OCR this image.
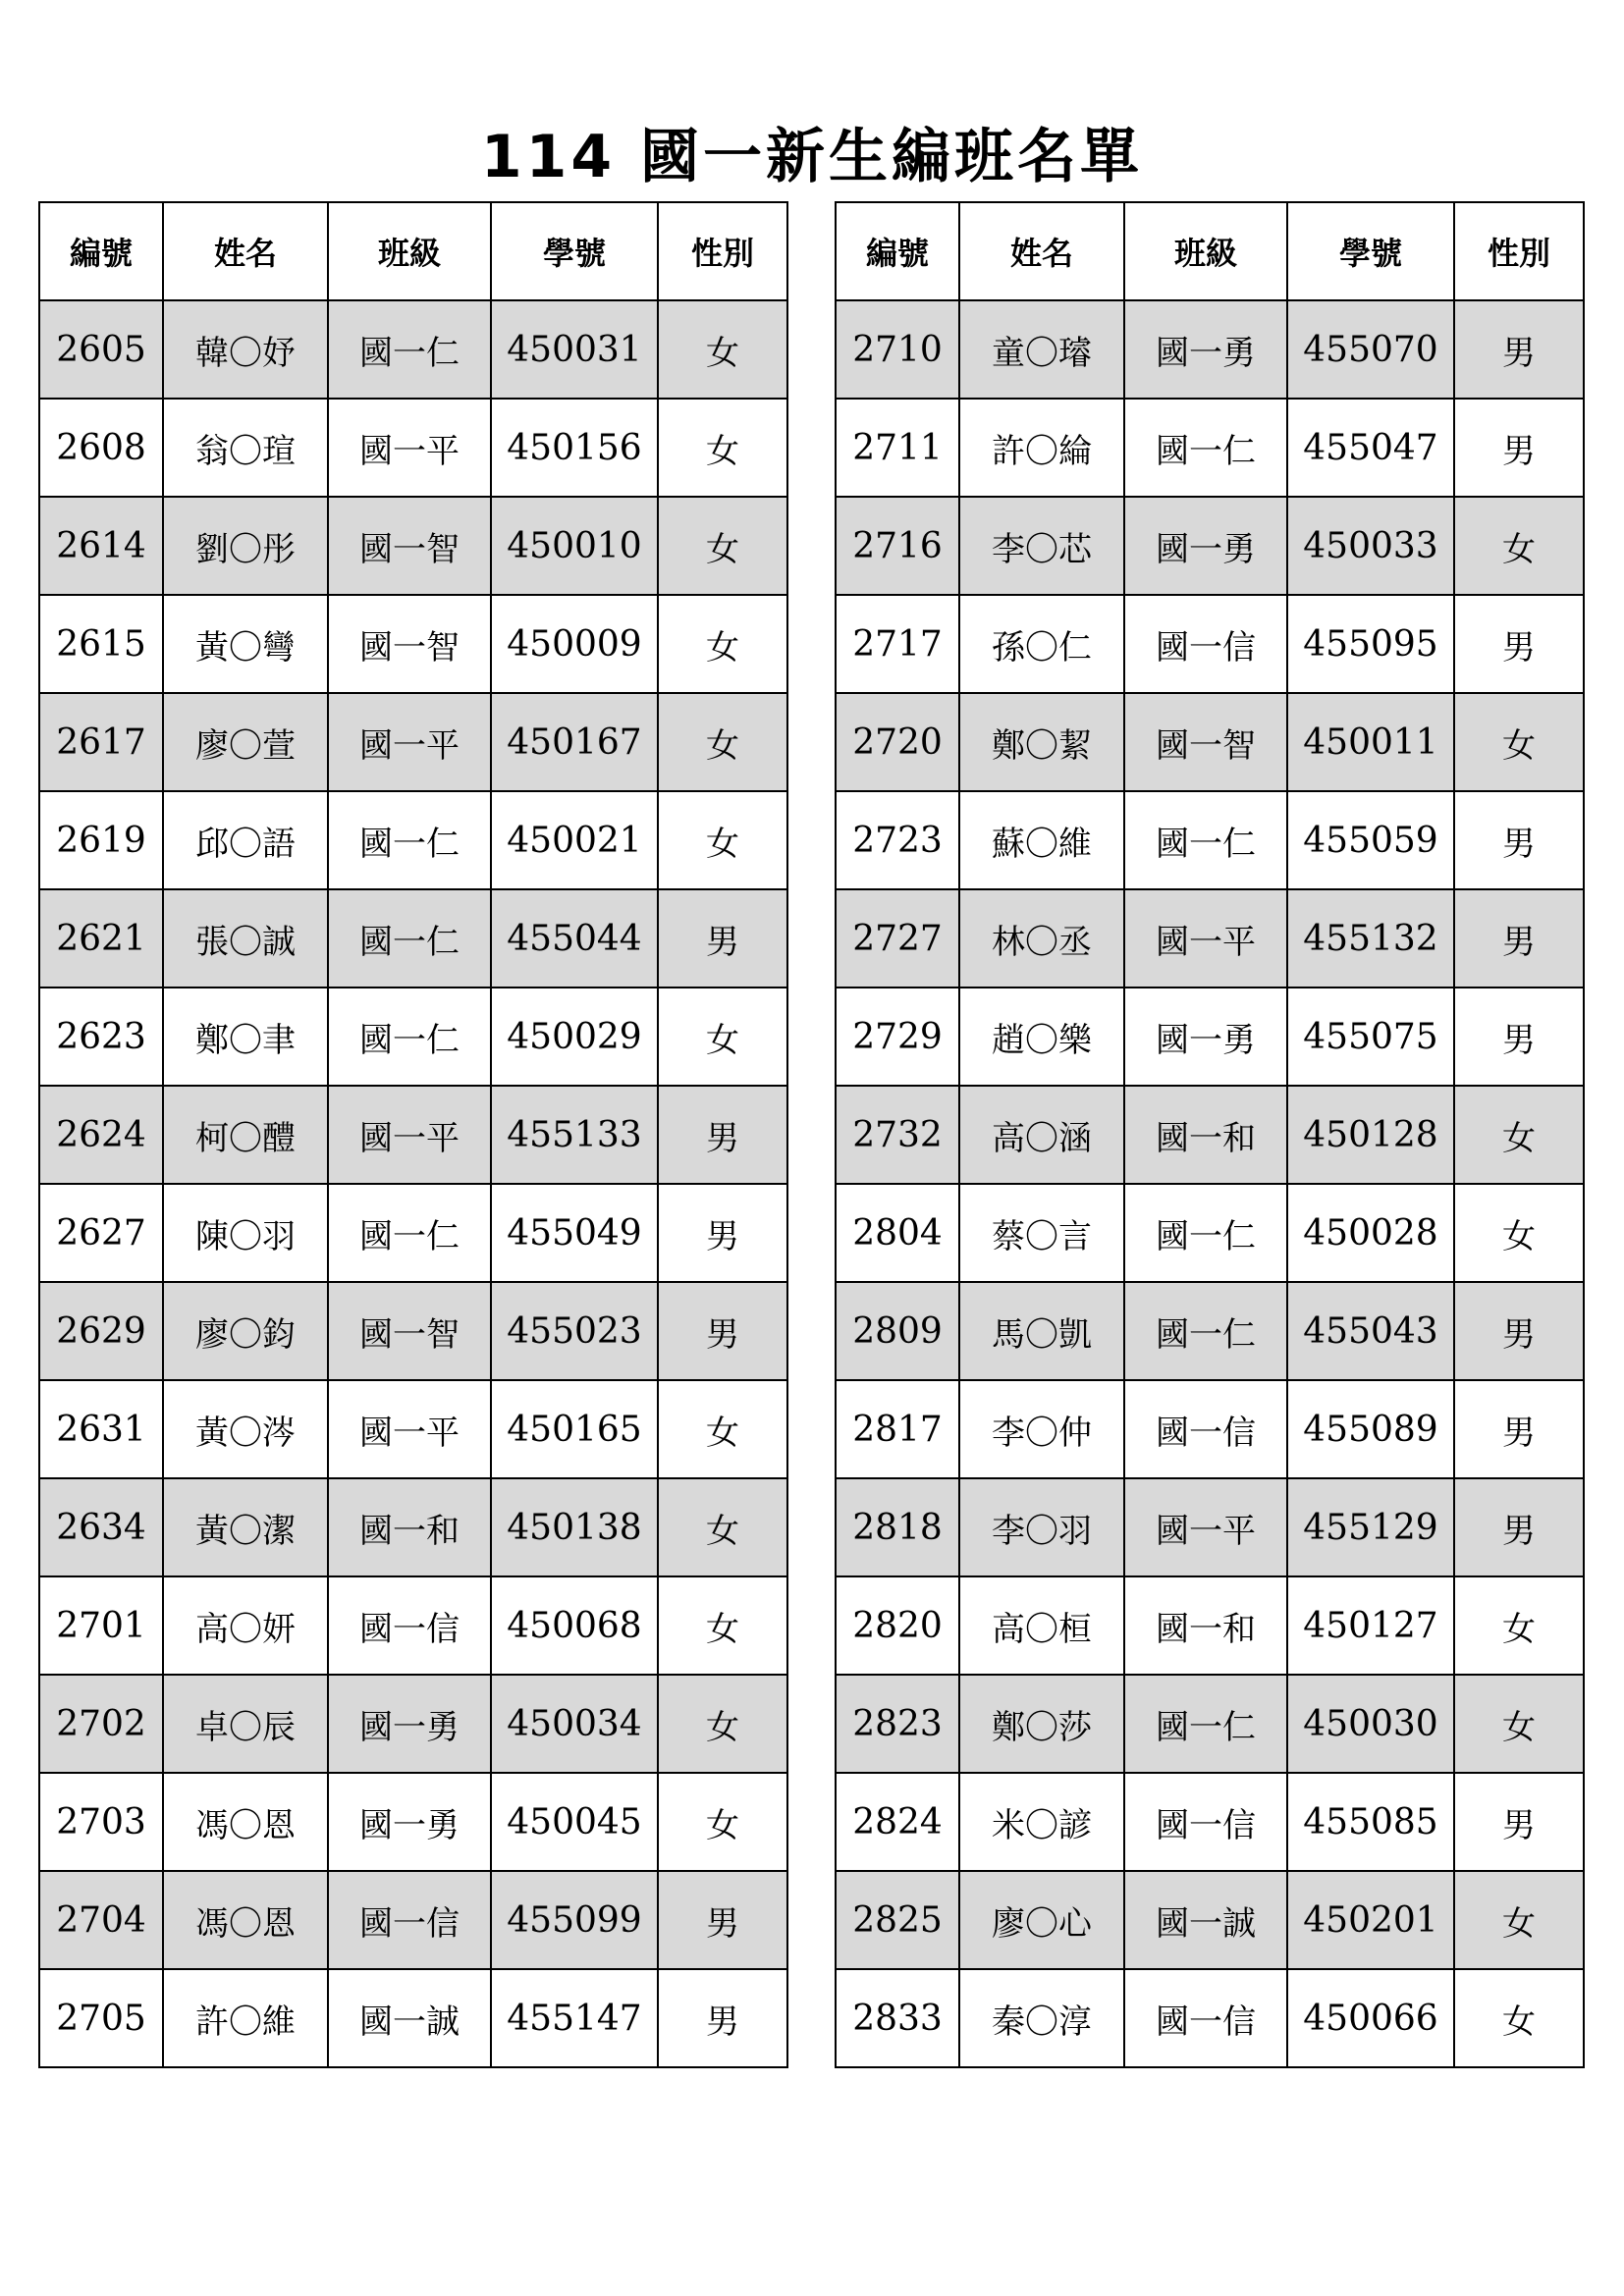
114 國一新生編班名單
編號	姓名	班級	學號	性別
2605	韓〇妤	國一仁	450031	女
2608	翁〇瑄	國一平	450156	女
2614	劉〇彤	國一智	450010	女
2615	黃〇彎	國一智	450009	女
2617	廖〇萱	國一平	450167	女
2619	邱〇語	國一仁	450021	女
2621	張〇誠	國一仁	455044	男
2623	鄭〇聿	國一仁	450029	女
2624	柯〇醴	國一平	455133	男
2627	陳〇羽	國一仁	455049	男
2629	廖〇鈞	國一智	455023	男
2631	黃〇涔	國一平	450165	女
2634	黃〇潔	國一和	450138	女
2701	高〇妍	國一信	450068	女
2702	卓〇辰	國一勇	450034	女
2703	馮〇恩	國一勇	450045	女
2704	馮〇恩	國一信	455099	男
2705	許〇維	國一誠	455147	男
編號	姓名	班級	學號	性別
2710	童〇璿	國一勇	455070	男
2711	許〇綸	國一仁	455047	男
2716	李〇芯	國一勇	450033	女
2717	孫〇仁	國一信	455095	男
2720	鄭〇絜	國一智	450011	女
2723	蘇〇維	國一仁	455059	男
2727	林〇丞	國一平	455132	男
2729	趙〇樂	國一勇	455075	男
2732	高〇涵	國一和	450128	女
2804	蔡〇言	國一仁	450028	女
2809	馬〇凱	國一仁	455043	男
2817	李〇仲	國一信	455089	男
2818	李〇羽	國一平	455129	男
2820	高〇桓	國一和	450127	女
2823	鄭〇莎	國一仁	450030	女
2824	米〇諺	國一信	455085	男
2825	廖〇心	國一誠	450201	女
2833	秦〇淳	國一信	450066	女
